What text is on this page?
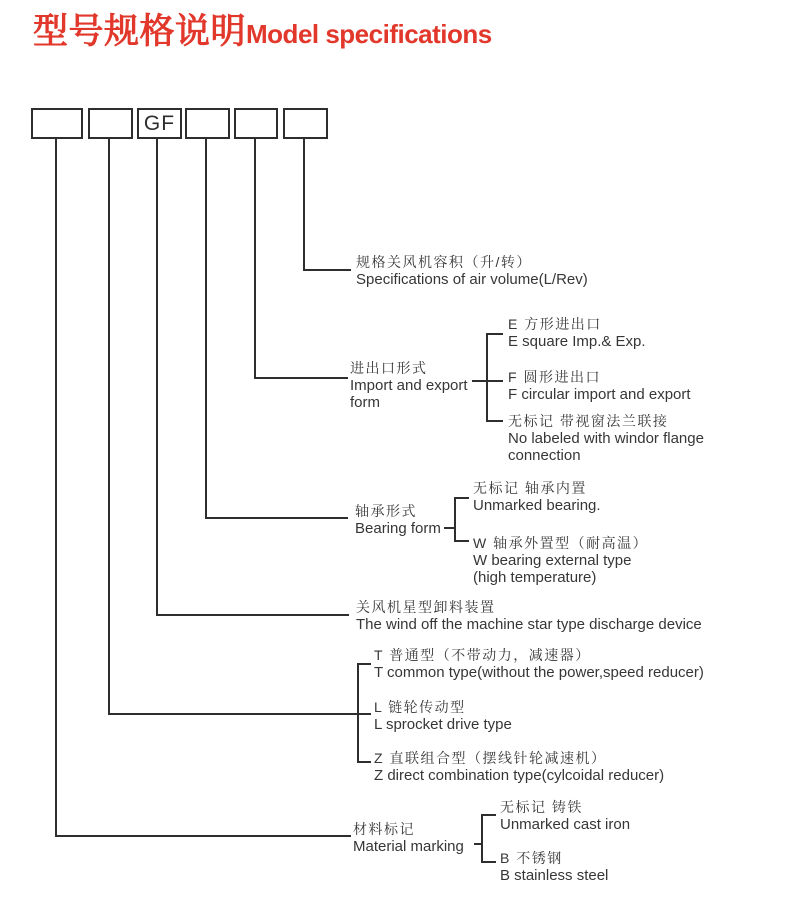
型号规格说明 Model specifications
GF
规格关风机容积（升/转）
Specifications of air volume(L/Rev)
进出口形式
Import and export
form
轴承形式
Bearing form
关风机星型卸料装置
The wind off the machine star type discharge device
材料标记
Material marking
E 方形进出口
E square Imp.& Exp.
F 圆形进出口
F circular import and export
无标记 带视窗法兰联接
No labeled with windor flange
connection
无标记 轴承内置
Unmarked bearing.
W 轴承外置型（耐高温）
W bearing external type
(high temperature)
T 普通型（不带动力，减速器）
T common type(without the power,speed reducer)
L 链轮传动型
L sprocket drive type
Z 直联组合型（摆线针轮减速机）
Z direct combination type(cylcoidal reducer)
无标记 铸铁
Unmarked cast iron
B 不锈钢
B stainless steel
